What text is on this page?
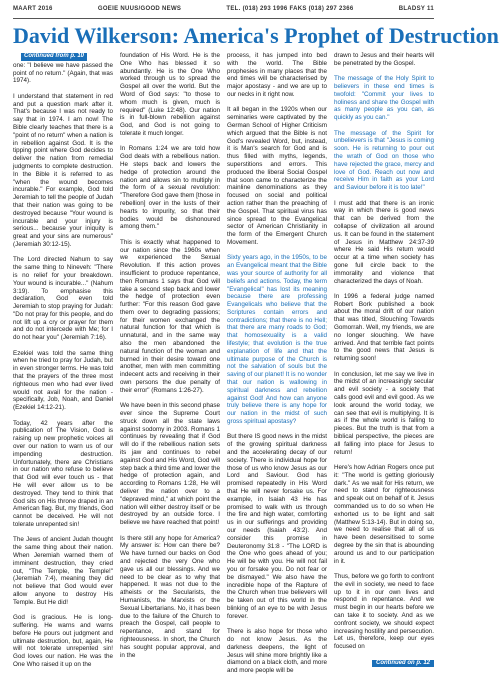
MAART 2016	GOEIE NUUS/GOOD NEWS	TEL. (018) 293 1996 FAKS (018) 297 2366	BLADSY 11
David Wilkerson: America's Prophet of Destruction
Continued from p. 10

one: "I believe we have passed the point of no return." (Again, that was 1974).

I understand that statement in red and put a question mark after it. That's because I was not ready to say that in 1974. I am now! The Bible clearly teaches that there is a "point of no return" when a nation is in rebellion against God. It is the tipping point where God decides to deliver the nation from remedial judgments to complete destruction. In the Bible it is referred to as "when the wound becomes incurable." For example, God told Jeremiah to tell the people of Judah that their nation was going to be destroyed because "Your wound is incurable and your injury is serious... because your iniquity is great and your sins are numerous" (Jeremiah 30:12-15).

The Lord directed Nahum to say the same thing to Nineveh: "There is no relief for your breakdown. Your wound is incurable..." (Nahum 3:19). To emphasise this declaration, God even told Jeremiah to stop praying for Judah: "Do not pray for this people, and do not lift up a cry or prayer for them and do not intercede with Me; for I do not hear you" (Jeremiah 7:16).

Ezekiel was told the same thing when he tried to pray for Judah, but in even stronger terms. He was told that the prayers of the three most righteous men who had ever lived would not avail for the nation - specifically, Job, Noah, and Daniel (Ezekiel 14:12-21).

Today, 42 years after the publication of The Vision, God is raising up new prophetic voices all over our nation to warn us of our impending destruction. Unfortunately, there are Christians in our nation who refuse to believe that God will ever touch us - that He will ever allow us to be destroyed. They tend to think that God sits on His throne draped in an American flag. But, my friends, God cannot be deceived. He will not tolerate unrepented sin!

The Jews of ancient Judah thought the same thing about their nation. When Jeremiah warned them of imminent destruction, they cried out, "The Temple, the Temple!" (Jeremiah 7:4), meaning they did not believe that God would ever allow anyone to destroy His Temple. But He did!

God is gracious. He is long-suffering. He warns and warns before He pours out judgment and ultimate destruction, but, again, He will not tolerate unrepented sin! God loves our nation. He was the One Who raised it up on the

foundation of His Word. He is the One Who has blessed it so abundantly. He is the One Who worked through us to spread the Gospel all over the world. But the Word of God says: "to those to whom much is given, much is required" (Luke 12:48). Our nation is in full-blown rebellion against God, and God is not going to tolerate it much longer.

In Romans 1:24 we are told how God deals with a rebellious nation. He steps back and lowers the hedge of protection around the nation and allows sin to multiply in the form of a sexual revolution: "Therefore God gave them [those in rebellion] over in the lusts of their hearts to impurity, so that their bodies would be dishonoured among them."

This is exactly what happened to our nation since the 1960s when we experienced the Sexual Revolution. If this action proves insufficient to produce repentance, then Romans 1 says that God will take a second step back and lower the hedge of protection even further: "For this reason God gave them over to degrading passions; for their women exchanged the natural function for that which is unnatural, and in the same way also the men abandoned the natural function of the woman and burned in their desire toward one another, men with men committing indecent acts and receiving in their own persons the due penalty of their error" (Romans 1:26-27).

We have been in this second phase ever since the Supreme Court struck down all the state laws against sodomy in 2003. Romans 1 continues by revealing that if God will do if the rebellious nation sets its jaw and continues to rebel against God and His Word, God will step back a third time and lower the hedge of protection again, and according to Romans 1:28, He will deliver the nation over to a "depraved mind," at which point the nation will either destroy itself or be destroyed by an outside force. I believe we have reached that point!

Is there still any hope for America? My answer is: How can there be? We have turned our backs on God and rejected the very One who gave us all our blessings. And we need to be clear as to why that happened. It was not due to the atheists or the Secularists, the Humanists, the Marxists or the Sexual Libertarians. No, it has been due to the failure of the Church to preach the Gospel, call people to repentance, and stand for righteousness. In short, the Church has sought popular approval, and in the

process, it has jumped into bed with the world. The Bible prophesies in many places that the end times will be characterised by major apostasy - and we are up to our necks in it right now.

It all began in the 1920s when our seminaries were captivated by the German School of Higher Criticism which argued that the Bible is not God's revealed Word, but, instead, it is Man's search for God and is thus filled with myths, legends, superstitions and errors. This produced the liberal Social Gospel that soon came to characterize the mainline denominations as they focused on social and political action rather than the preaching of the Gospel. That spiritual virus has since spread to the Evangelical sector of American Christianity in the form of the Emergent Church Movement.

Sixty years ago, in the 1950s, to be an Evangelical meant that the Bible was your source of authority for all beliefs and actions. Today, the term "Evangelical" has lost its meaning because there are professing Evangelicals who believe that the Scriptures contain errors and contradictions; that there is no Hell; that there are many roads to God; that homosexuality is a valid lifestyle; that evolution is the true explanation of life and that the ultimate purpose of the Church is not the salvation of souls but the saving of our planet! It is no wonder that our nation is wallowing in spiritual darkness and rebellion against God! And how can anyone truly believe there is any hope for our nation in the midst of such gross spiritual apostasy?

But there IS good news in the midst of the growing spiritual darkness and the accelerating decay of our society. There is individual hope for those of us who know Jesus as our Lord and Saviour. God has promised repeatedly in His Word that He will never forsake us. For example, in Isaiah 43 He has promised to walk with us through the fire and high water, comforting us in our sufferings and providing our needs (Isaiah 43:2). And consider this promise in Deuteronomy 31:8 - "The LORD is the One who goes ahead of you; He will be with you. He will not fail you or forsake you. Do not fear or be dismayed." We also have the incredible hope of the Rapture of the Church when true believers will be taken out of this world in the blinking of an eye to be with Jesus forever.

There is also hope for those who do not know Jesus. As the darkness deepens, the light of Jesus will shine more brightly like a diamond on a black cloth, and more and more people will be

drawn to Jesus and their hearts will be penetrated by the Gospel.

The message of the Holy Spirit to believers in these end times is twofold: "Commit your lives to holiness and share the Gospel with as many people as you can, as quickly as you can."

The message of the Spirit for unbelievers is that "Jesus is coming soon. He is returning to pour out the wrath of God on those who have rejected the grace, mercy and love of God. Reach out now and receive Him in faith as your Lord and Saviour before it is too late!"

I must add that there is an ironic way in which there is good news that can be derived from the collapse of civilization all around us. It can be found in the statement of Jesus in Matthew 24:37-39 where He said His return would occur at a time when society has gone full circle back to the immorality and violence that characterized the days of Noah.

In 1996 a federal judge named Robert Bork published a book about the moral drift of our nation that was titled, Slouching Towards Gomorrah. Well, my friends, we are no longer slouching. We have arrived. And that terrible fact points to the good news that Jesus is returning soon!

In conclusion, let me say we live in the midst of an increasingly secular and evil society - a society that calls good evil and evil good. As we look around the world today, we can see that evil is multiplying. It is as if the whole world is falling to pieces. But the truth is that from a biblical perspective, the pieces are all falling into place for Jesus to return!

Here's how Adrian Rogers once put it: "The world is getting gloriously dark." As we wait for His return, we need to stand for righteousness and speak out on behalf of it. Jesus commanded us to do so when He exhorted us to be light and salt (Matthew 5:13-14). But in doing so, we need to realise that all of us have been desensitised to some degree by the sin that is abounding around us and to our participation in it.

Thus, before we go forth to confront the evil in society, we need to face up to it in our own lives and respond in repentance. And we must begin in our hearts before we can take it to society. And as we confront society, we should expect increasing hostility and persecution. Let us, therefore, keep our eyes focused on

Continued on p. 12
